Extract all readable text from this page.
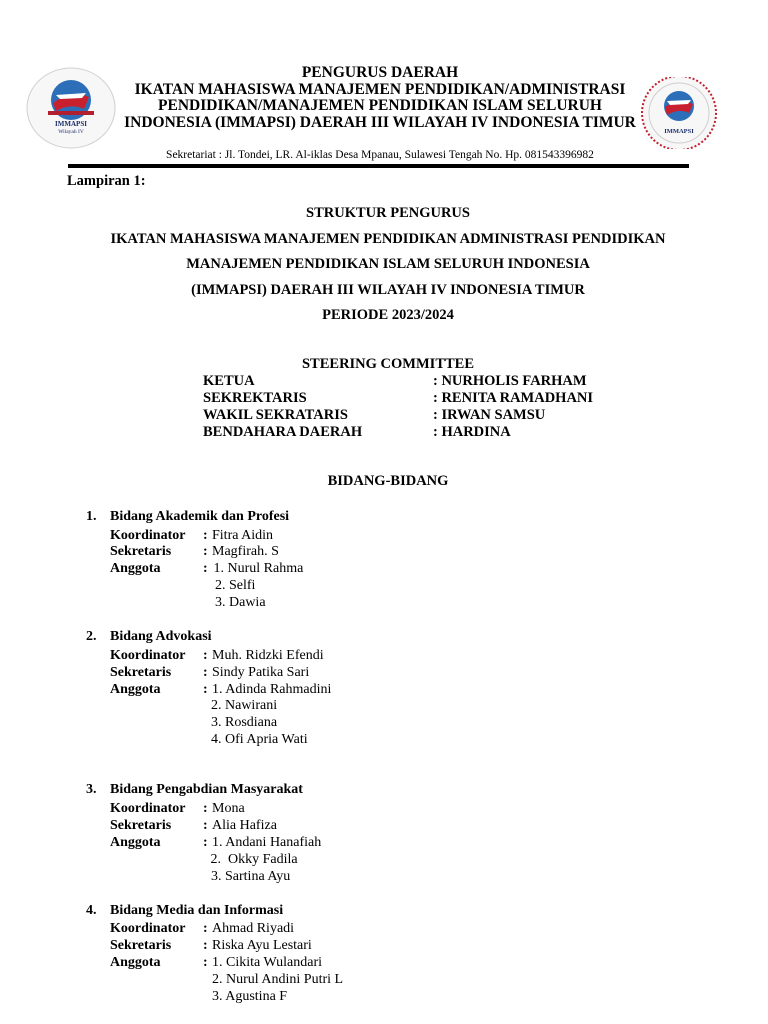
IMMAPSI
Wilayah IV	IMMAPSI
PENGURUS DAERAH
IKATAN MAHASISWA MANAJEMEN PENDIDIKAN/ADMINISTRASI
PENDIDIKAN/MANAJEMEN PENDIDIKAN ISLAM SELURUH
INDONESIA (IMMAPSI) DAERAH III WILAYAH IV INDONESIA TIMUR
Sekretariat : Jl. Tondei, LR. Al-iklas Desa Mpanau, Sulawesi Tengah No. Hp. 081543396982
Lampiran 1:
STRUKTUR PENGURUS
IKATAN MAHASISWA MANAJEMEN PENDIDIKAN ADMINISTRASI PENDIDIKAN
MANAJEMEN PENDIDIKAN ISLAM SELURUH INDONESIA
(IMMAPSI) DAERAH III WILAYAH IV INDONESIA TIMUR
PERIODE 2023/2024
STEERING COMMITTEE
KETUA	: NURHOLIS FARHAM
SEKREKTARIS	: RENITA RAMADHANI
WAKIL SEKRATARIS	: IRWAN SAMSU
BENDAHARA DAERAH	: HARDINA
BIDANG-BIDANG
1. Bidang Akademik dan Profesi
Koordinator : Fitra Aidin
Sekretaris : Magfirah. S
Anggota	: 1. Nurul Rahma
2. Selfi
3. Dawia
2. Bidang Advokasi
Koordinator : Muh. Ridzki Efendi
Sekretaris : Sindy Patika Sari
Anggota	: 1. Adinda Rahmadini
2. Nawirani
3. Rosdiana
4. Ofi Apria Wati
3. Bidang Pengabdian Masyarakat
Koordinator : Mona
Sekretaris : Alia Hafiza
Anggota	: 1. Andani Hanafiah
2.  Okky Fadila
3. Sartina Ayu
4. Bidang Media dan Informasi
Koordinator : Ahmad Riyadi
Sekretaris : Riska Ayu Lestari
Anggota	: 1. Cikita Wulandari
2. Nurul Andini Putri L
3. Agustina F
